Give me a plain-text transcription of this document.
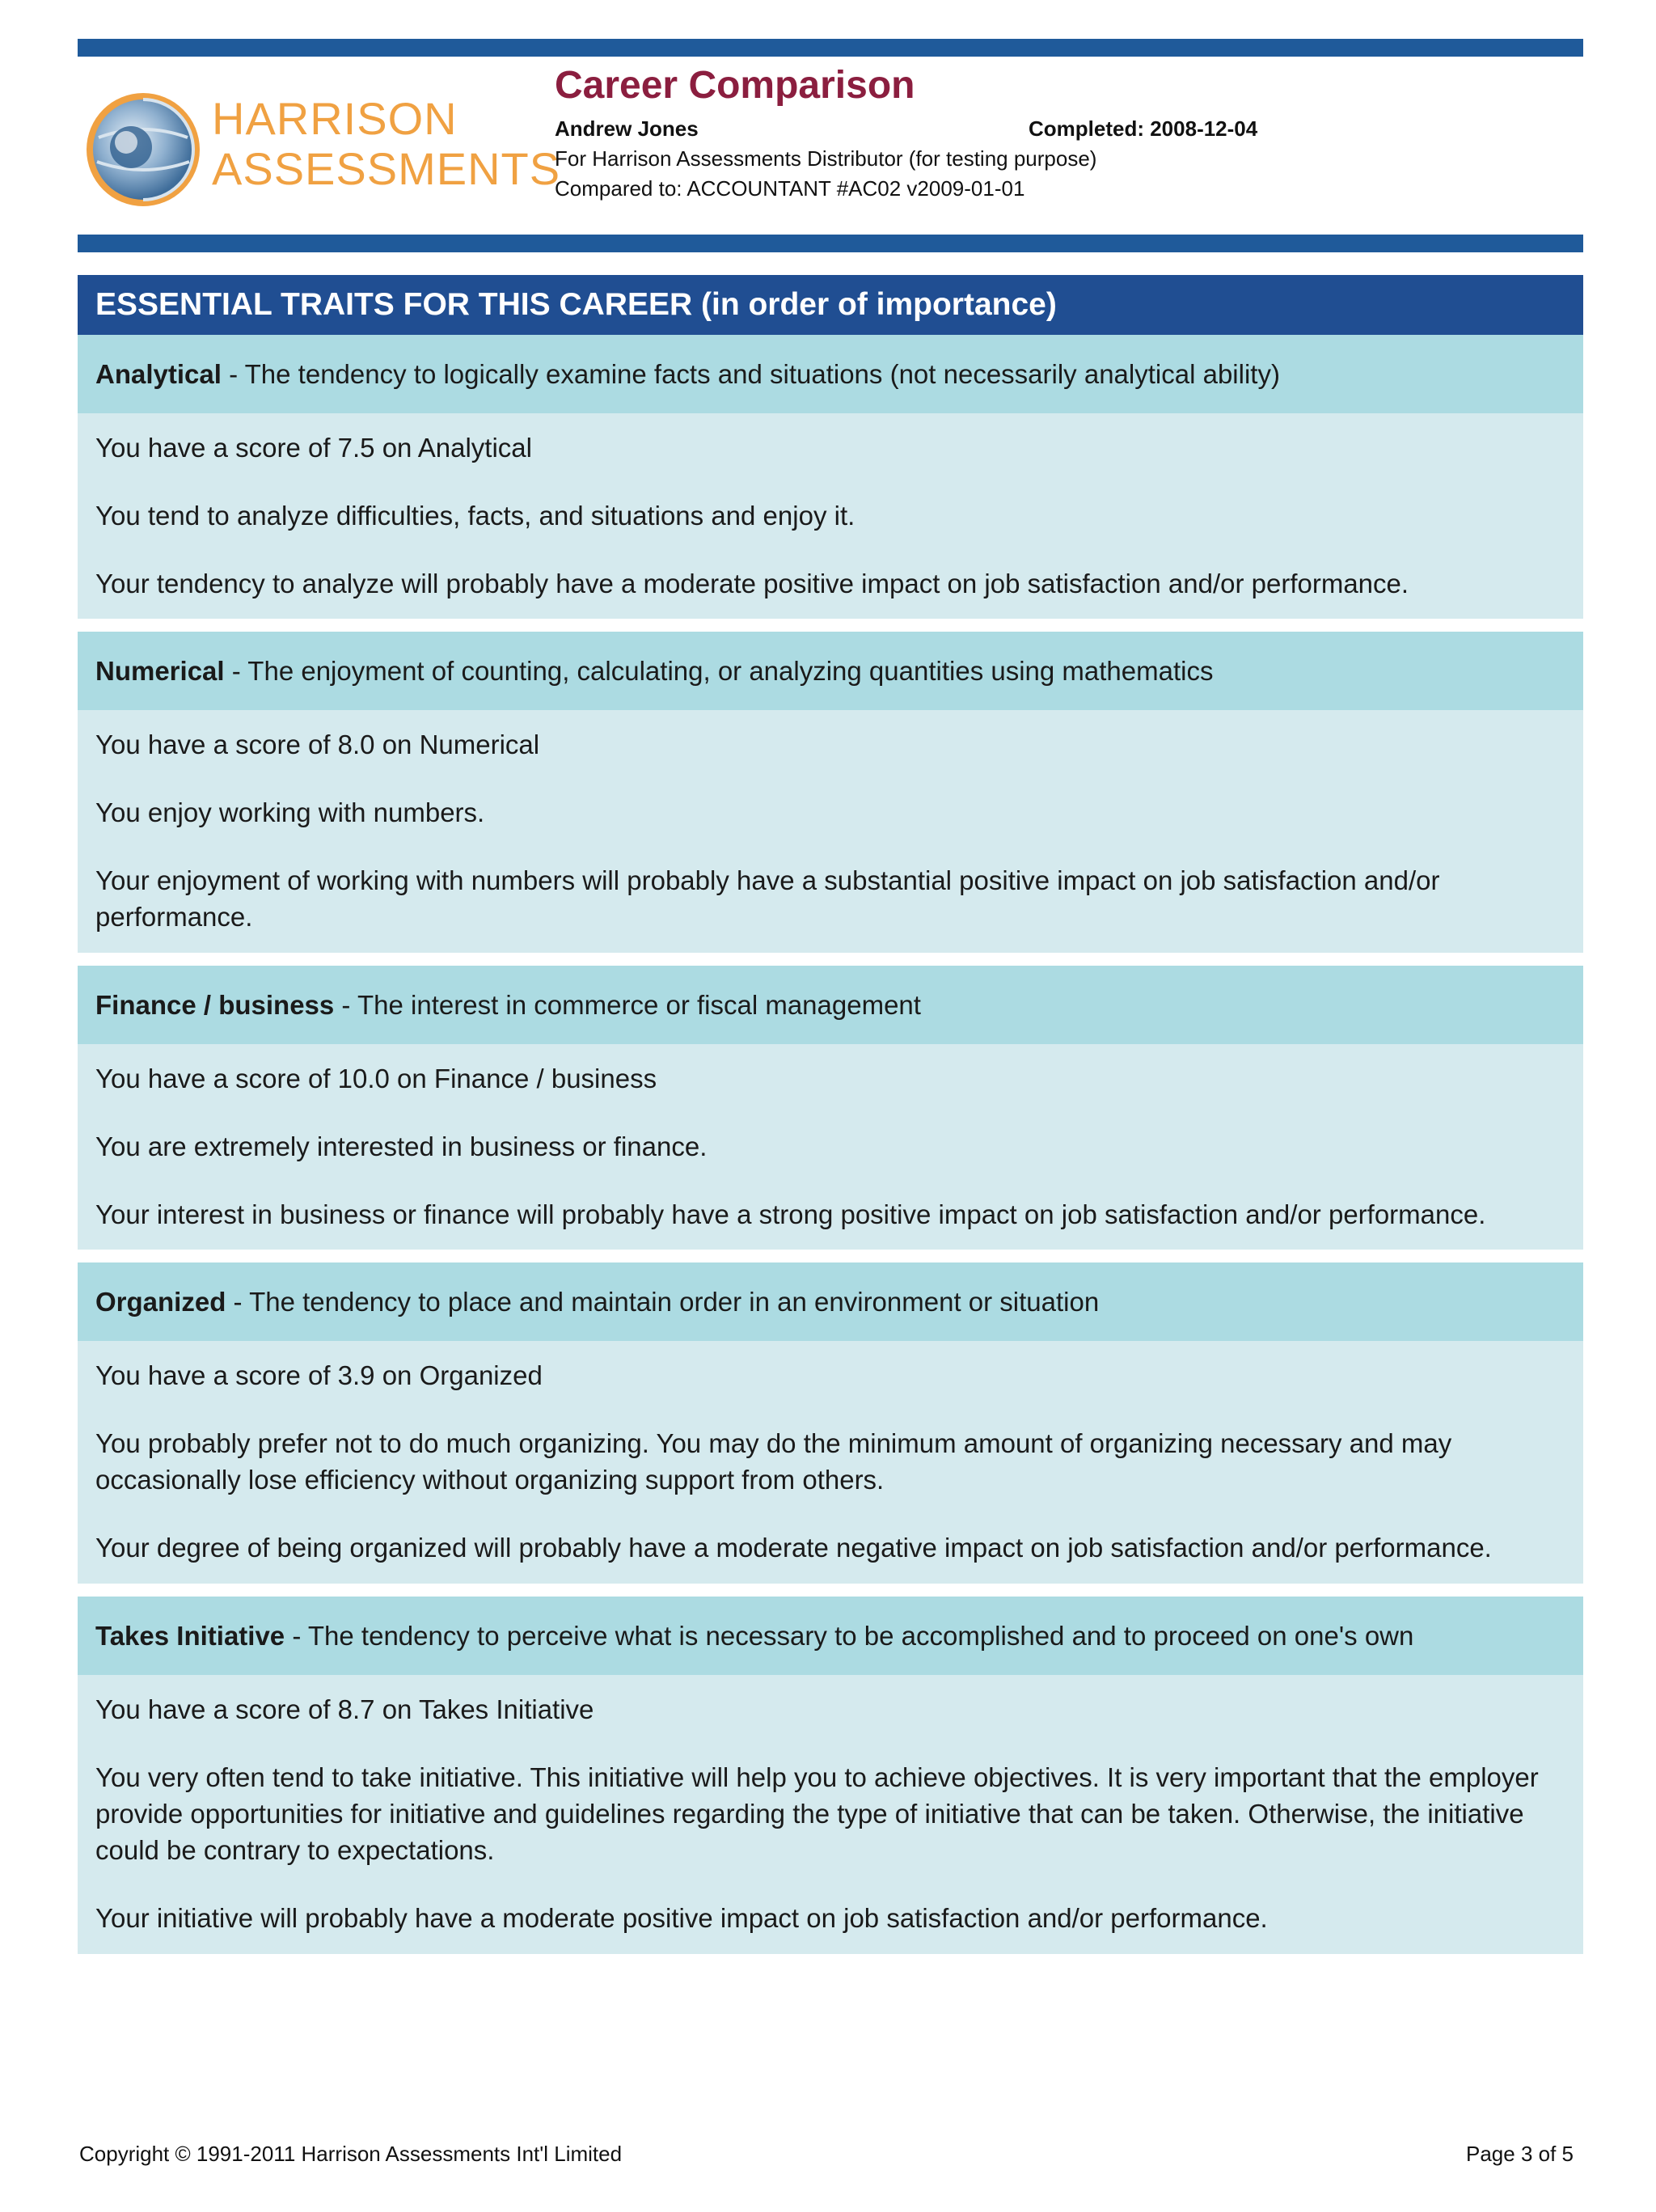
HARRISON
ASSESSMENTS
Career Comparison
Andrew Jones	Completed: 2008-12-04
For Harrison Assessments Distributor (for testing purpose)
Compared to: ACCOUNTANT #AC02 v2009-01-01
ESSENTIAL TRAITS FOR THIS CAREER (in order of importance)
Analytical - The tendency to logically examine facts and situations (not necessarily analytical ability)

You have a score of 7.5 on Analytical

You tend to analyze difficulties, facts, and situations and enjoy it.

Your tendency to analyze will probably have a moderate positive impact on job satisfaction and/or performance.

Numerical - The enjoyment of counting, calculating, or analyzing quantities using mathematics

You have a score of 8.0 on Numerical

You enjoy working with numbers.

Your enjoyment of working with numbers will probably have a substantial positive impact on job satisfaction and/or performance.

Finance / business - The interest in commerce or fiscal management

You have a score of 10.0 on Finance / business

You are extremely interested in business or finance.

Your interest in business or finance will probably have a strong positive impact on job satisfaction and/or performance.

Organized - The tendency to place and maintain order in an environment or situation

You have a score of 3.9 on Organized

You probably prefer not to do much organizing. You may do the minimum amount of organizing necessary and may occasionally lose efficiency without organizing support from others.

Your degree of being organized will probably have a moderate negative impact on job satisfaction and/or performance.

Takes Initiative - The tendency to perceive what is necessary to be accomplished and to proceed on one's own

You have a score of 8.7 on Takes Initiative

You very often tend to take initiative. This initiative will help you to achieve objectives. It is very important that the employer provide opportunities for initiative and guidelines regarding the type of initiative that can be taken. Otherwise, the initiative could be contrary to expectations.

Your initiative will probably have a moderate positive impact on job satisfaction and/or performance.

Copyright © 1991-2011 Harrison Assessments Int'l Limited	Page 3 of 5
